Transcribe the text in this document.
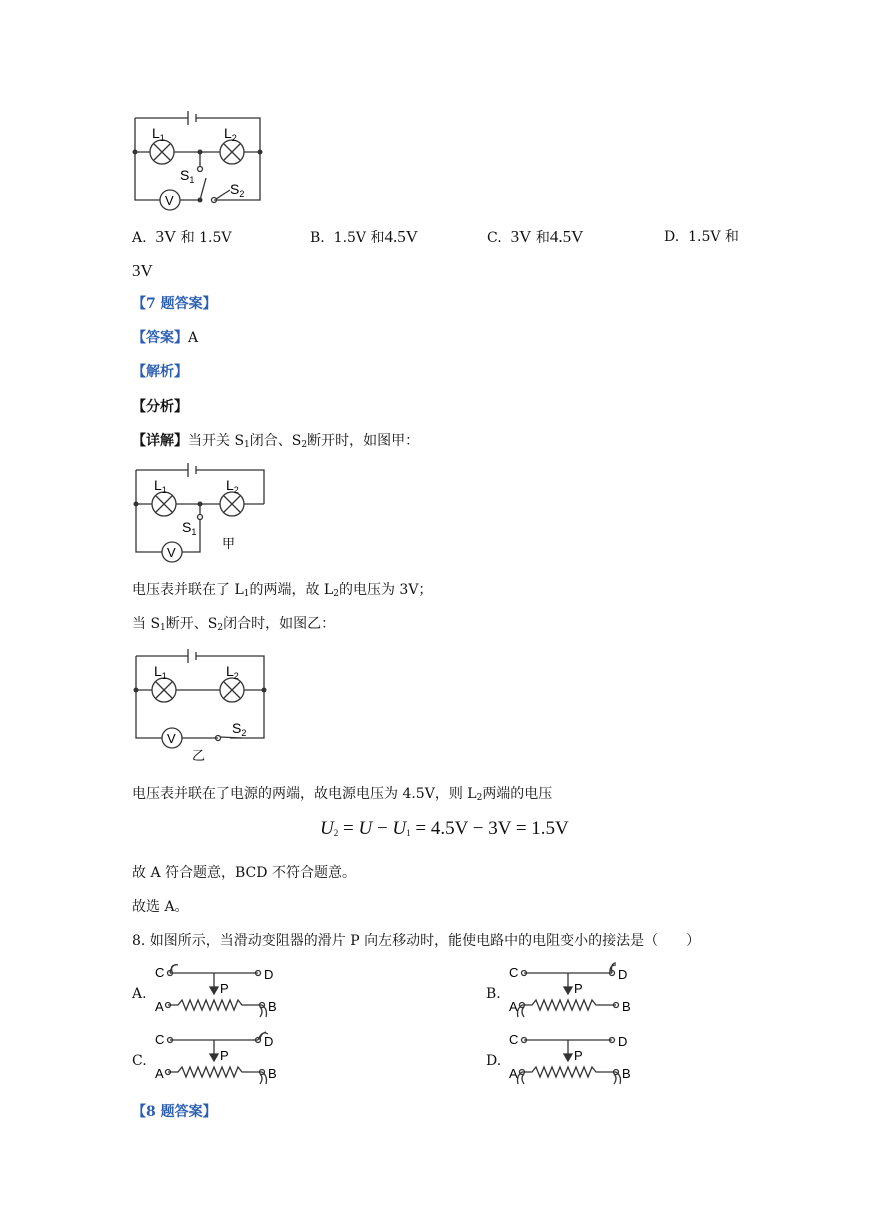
$L_1$	$L_2$
$S_1$
$S_2$
V
A. 3V 和 1.5V	B. 1.5V 和4.5V	C. 3V 和4.5V	D. 1.5V 和
3V
【7 题答案】
【答案】A
【解析】
【分析】
【详解】当开关 $S_1$闭合、$S_2$断开时，如图甲：
$L_1$	$L_2$
$S_1$
V
甲
电压表并联在了 $L_1$的两端，故 $L_2$的电压为 3V；
当 $S_1$断开、$S_2$闭合时，如图乙：
$L_1$	$L_2$
$S_2$
V
乙
电压表并联在了电源的两端，故电源电压为 4.5V，则 $L_2$两端的电压
$U_2 = U - U_1 = 4.5V - 3V = 1.5V$
故 A 符合题意，BCD 不符合题意。
故选 A。
8. 如图所示，当滑动变阻器的滑片 P 向左移动时，能使电路中的电阻变小的接法是（　　）
A.	B.
C.	D.
C	D
A	B
P
C	D
A	B
P
C	D
A	B
P
C	D
A	B
P
【8 题答案】
